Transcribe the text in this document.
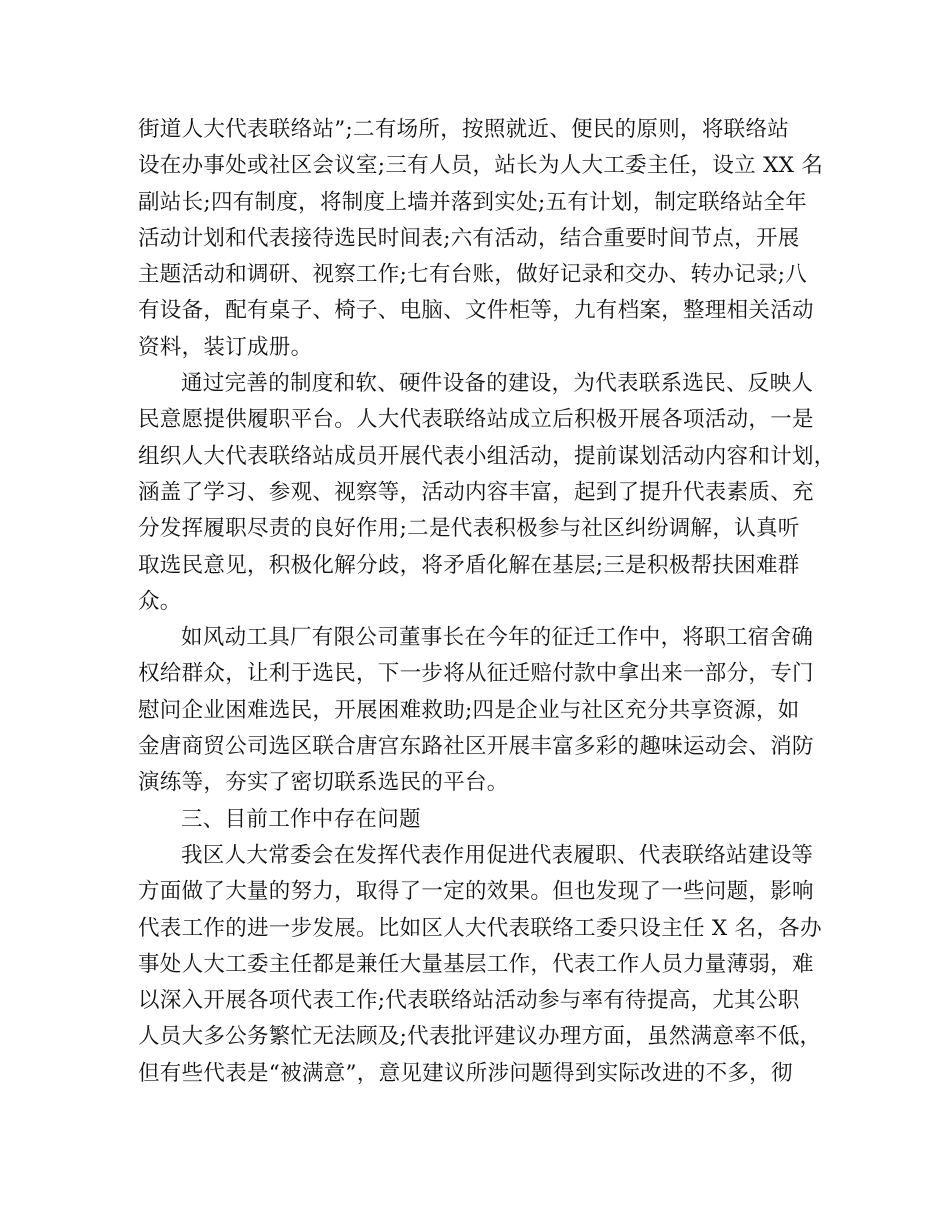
街道人大代表联络站”;二有场所，按照就近、便民的原则，将联络站
设在办事处或社区会议室;三有人员，站长为人大工委主任，设立 XX 名
副站长;四有制度，将制度上墙并落到实处;五有计划，制定联络站全年
活动计划和代表接待选民时间表;六有活动，结合重要时间节点，开展
主题活动和调研、视察工作;七有台账，做好记录和交办、转办记录;八
有设备，配有桌子、椅子、电脑、文件柜等，九有档案，整理相关活动
资料，装订成册。
通过完善的制度和软、硬件设备的建设，为代表联系选民、反映人
民意愿提供履职平台。人大代表联络站成立后积极开展各项活动，一是
组织人大代表联络站成员开展代表小组活动，提前谋划活动内容和计划，
涵盖了学习、参观、视察等，活动内容丰富，起到了提升代表素质、充
分发挥履职尽责的良好作用;二是代表积极参与社区纠纷调解，认真听
取选民意见，积极化解分歧，将矛盾化解在基层;三是积极帮扶困难群
众。
如风动工具厂有限公司董事长在今年的征迁工作中，将职工宿舍确
权给群众，让利于选民，下一步将从征迁赔付款中拿出来一部分，专门
慰问企业困难选民，开展困难救助;四是企业与社区充分共享资源，如
金唐商贸公司选区联合唐宫东路社区开展丰富多彩的趣味运动会、消防
演练等，夯实了密切联系选民的平台。
三、目前工作中存在问题
我区人大常委会在发挥代表作用促进代表履职、代表联络站建设等
方面做了大量的努力，取得了一定的效果。但也发现了一些问题，影响
代表工作的进一步发展。比如区人大代表联络工委只设主任 X 名，各办
事处人大工委主任都是兼任大量基层工作，代表工作人员力量薄弱，难
以深入开展各项代表工作;代表联络站活动参与率有待提高，尤其公职
人员大多公务繁忙无法顾及;代表批评建议办理方面，虽然满意率不低，
但有些代表是“被满意”，意见建议所涉问题得到实际改进的不多，彻
